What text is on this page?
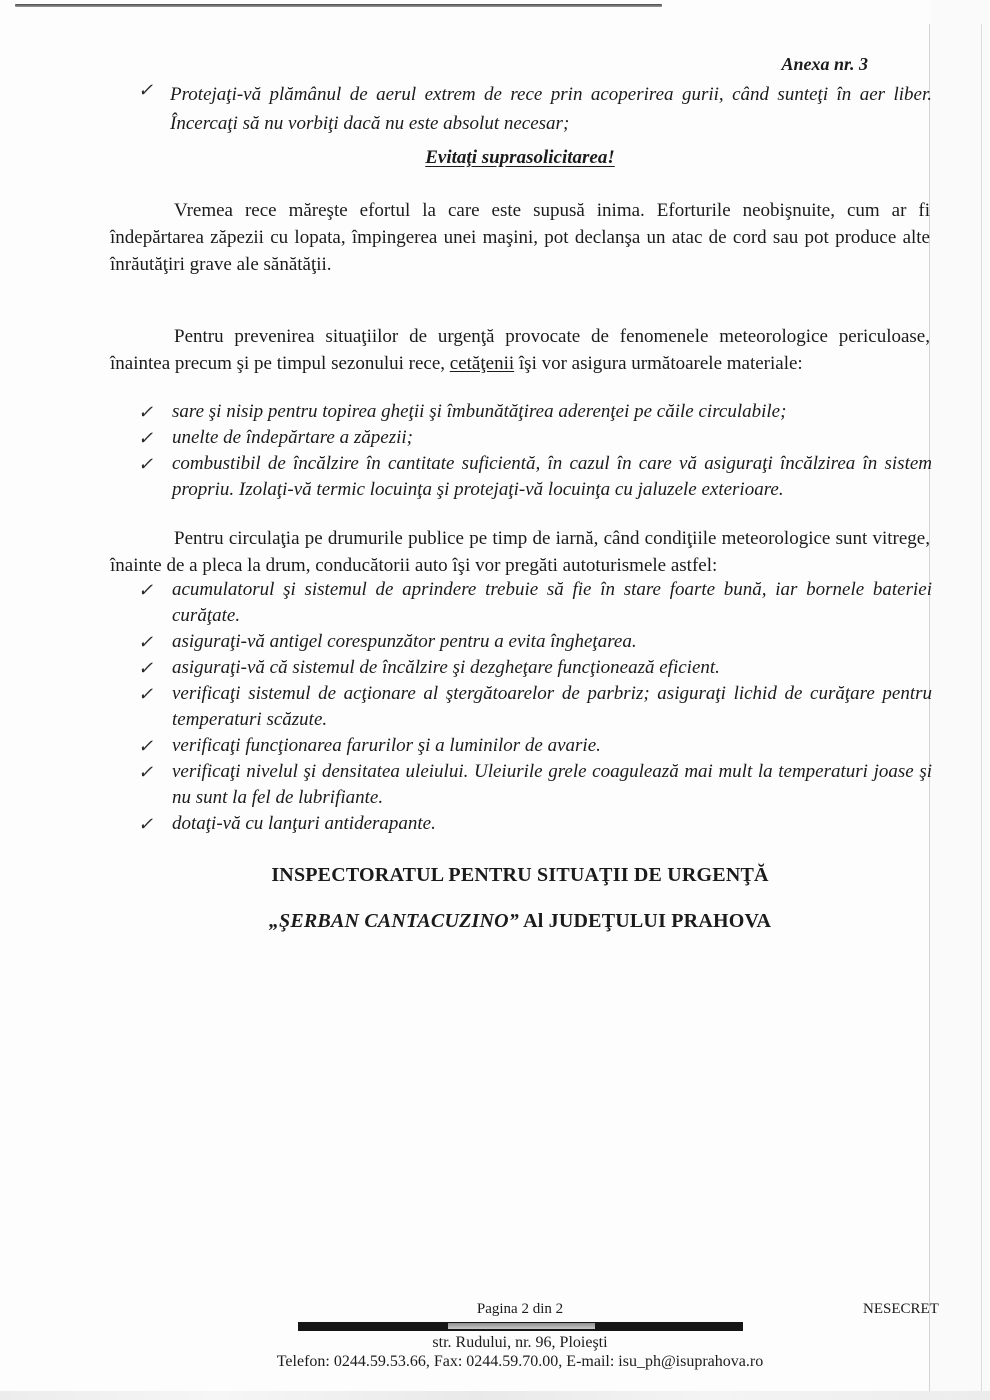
Anexa nr. 3
✓ Protejaţi-vă plămânul de aerul extrem de rece prin acoperirea gurii, când sunteţi în aer liber. Încercaţi să nu vorbiţi dacă nu este absolut necesar;
Evitaţi suprasolicitarea!
Vremea rece măreşte efortul la care este supusă inima. Eforturile neobişnuite, cum ar fi îndepărtarea zăpezii cu lopata, împingerea unei maşini, pot declanşa un atac de cord sau pot produce alte înrăutăţiri grave ale sănătăţii.
Pentru prevenirea situaţiilor de urgenţă provocate de fenomenele meteorologice periculoase, înaintea precum şi pe timpul sezonului rece, cetăţenii îşi vor asigura următoarele materiale:
✓ sare şi nisip pentru topirea gheţii şi îmbunătăţirea aderenţei pe căile circulabile;
✓ unelte de îndepărtare a zăpezii;
✓ combustibil de încălzire în cantitate suficientă, în cazul în care vă asiguraţi încălzirea în sistem propriu. Izolaţi-vă termic locuinţa şi protejaţi-vă locuinţa cu jaluzele exterioare.
Pentru circulaţia pe drumurile publice pe timp de iarnă, când condiţiile meteorologice sunt vitrege, înainte de a pleca la drum, conducătorii auto îşi vor pregăti autoturismele astfel:
✓ acumulatorul şi sistemul de aprindere trebuie să fie în stare foarte bună, iar bornele bateriei curăţate.
✓ asiguraţi-vă antigel corespunzător pentru a evita îngheţarea.
✓ asiguraţi-vă că sistemul de încălzire şi dezgheţare funcţionează eficient.
✓ verificaţi sistemul de acţionare al ştergătoarelor de parbriz; asiguraţi lichid de curăţare pentru temperaturi scăzute.
✓ verificaţi funcţionarea farurilor şi a luminilor de avarie.
✓ verificaţi nivelul şi densitatea uleiului. Uleiurile grele coagulează mai mult la temperaturi joase şi nu sunt la fel de lubrifiante.
✓ dotaţi-vă cu lanţuri antiderapante.
INSPECTORATUL PENTRU SITUAŢII DE URGENŢĂ
„ŞERBAN CANTACUZINO” Al JUDEŢULUI PRAHOVA
Pagina 2 din 2	NESECRET
str. Rudului, nr. 96, Ploieşti
Telefon: 0244.59.53.66, Fax: 0244.59.70.00, E-mail: isu_ph@isuprahova.ro
